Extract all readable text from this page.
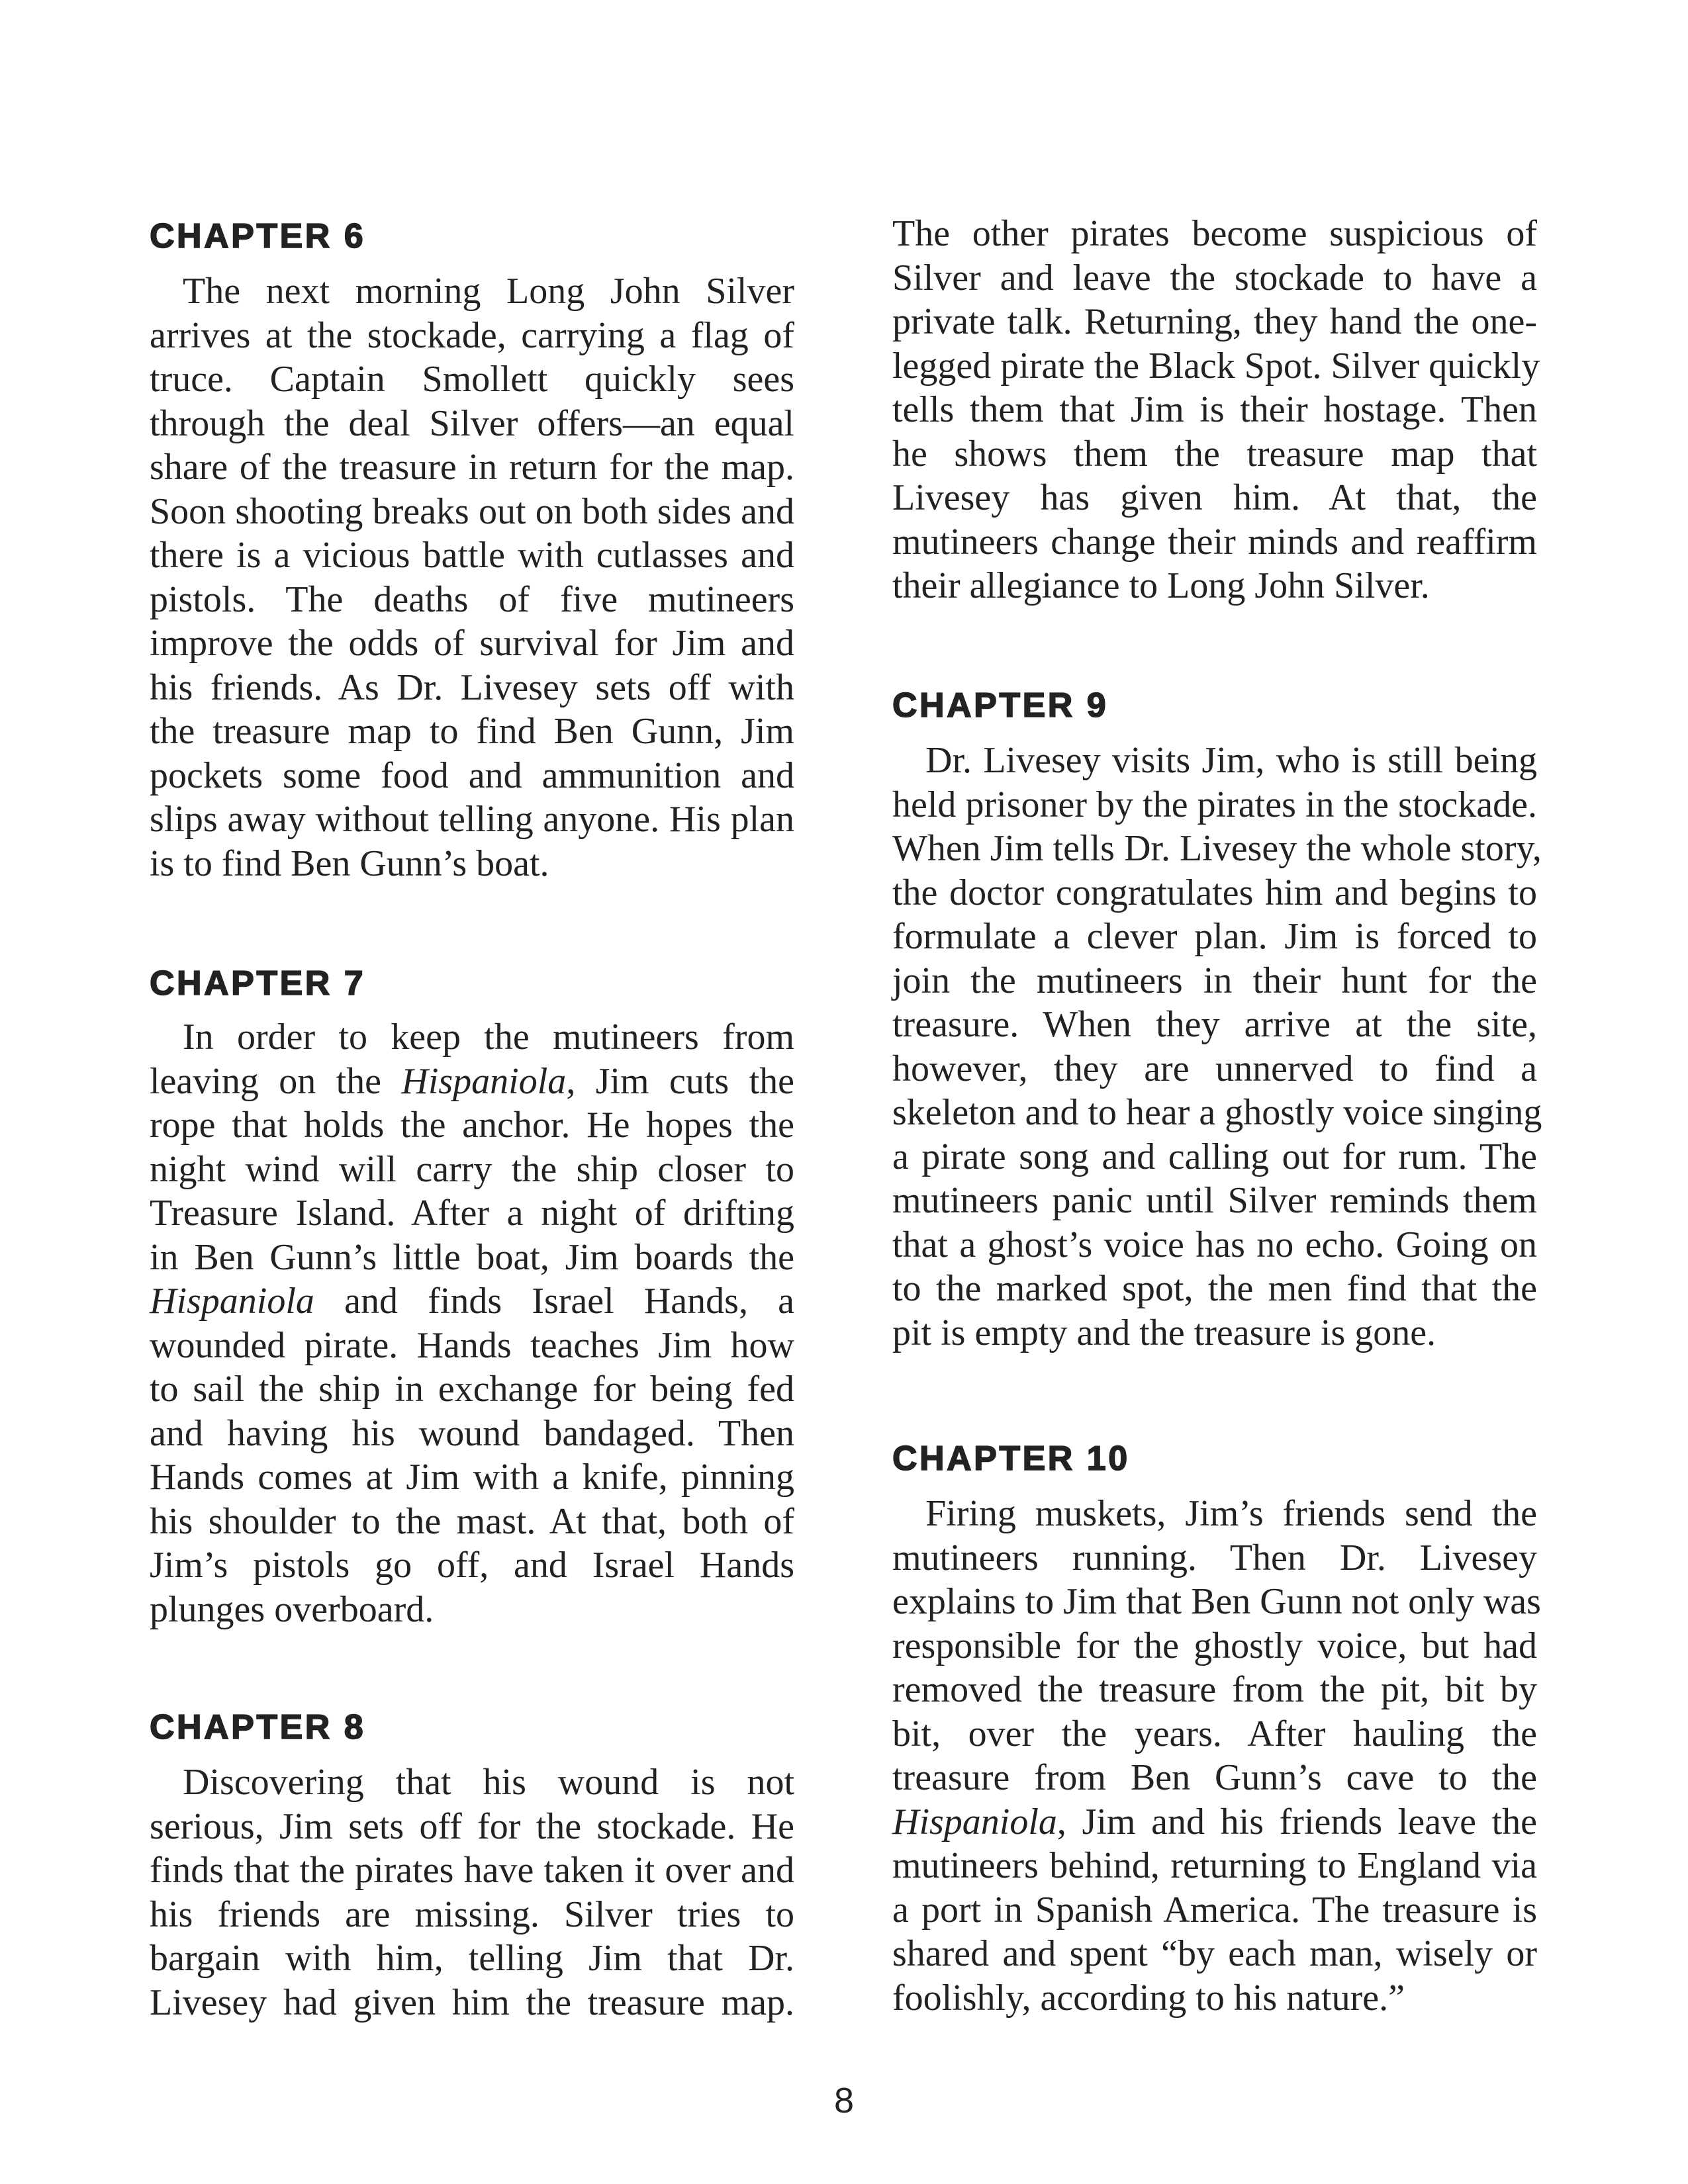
CHAPTER 6
The next morning Long John Silver
arrives at the stockade, carrying a flag of
truce. Captain Smollett quickly sees
through the deal Silver offers—an equal
share of the treasure in return for the map.
Soon shooting breaks out on both sides and
there is a vicious battle with cutlasses and
pistols. The deaths of five mutineers
improve the odds of survival for Jim and
his friends. As Dr. Livesey sets off with
the treasure map to find Ben Gunn, Jim
pockets some food and ammunition and
slips away without telling anyone. His plan
is to find Ben Gunn’s boat.
CHAPTER 7
In order to keep the mutineers from
leaving on the Hispaniola, Jim cuts the
rope that holds the anchor. He hopes the
night wind will carry the ship closer to
Treasure Island. After a night of drifting
in Ben Gunn’s little boat, Jim boards the
Hispaniola and finds Israel Hands, a
wounded pirate. Hands teaches Jim how
to sail the ship in exchange for being fed
and having his wound bandaged. Then
Hands comes at Jim with a knife, pinning
his shoulder to the mast. At that, both of
Jim’s pistols go off, and Israel Hands
plunges overboard.
CHAPTER 8
Discovering that his wound is not
serious, Jim sets off for the stockade. He
finds that the pirates have taken it over and
his friends are missing. Silver tries to
bargain with him, telling Jim that Dr.
Livesey had given him the treasure map.
The other pirates become suspicious of
Silver and leave the stockade to have a
private talk. Returning, they hand the one-
legged pirate the Black Spot. Silver quickly
tells them that Jim is their hostage. Then
he shows them the treasure map that
Livesey has given him. At that, the
mutineers change their minds and reaffirm
their allegiance to Long John Silver.
CHAPTER 9
Dr. Livesey visits Jim, who is still being
held prisoner by the pirates in the stockade.
When Jim tells Dr. Livesey the whole story,
the doctor congratulates him and begins to
formulate a clever plan. Jim is forced to
join the mutineers in their hunt for the
treasure. When they arrive at the site,
however, they are unnerved to find a
skeleton and to hear a ghostly voice singing
a pirate song and calling out for rum. The
mutineers panic until Silver reminds them
that a ghost’s voice has no echo. Going on
to the marked spot, the men find that the
pit is empty and the treasure is gone.
CHAPTER 10
Firing muskets, Jim’s friends send the
mutineers running. Then Dr. Livesey
explains to Jim that Ben Gunn not only was
responsible for the ghostly voice, but had
removed the treasure from the pit, bit by
bit, over the years. After hauling the
treasure from Ben Gunn’s cave to the
Hispaniola, Jim and his friends leave the
mutineers behind, returning to England via
a port in Spanish America. The treasure is
shared and spent “by each man, wisely or
foolishly, according to his nature.”
8
